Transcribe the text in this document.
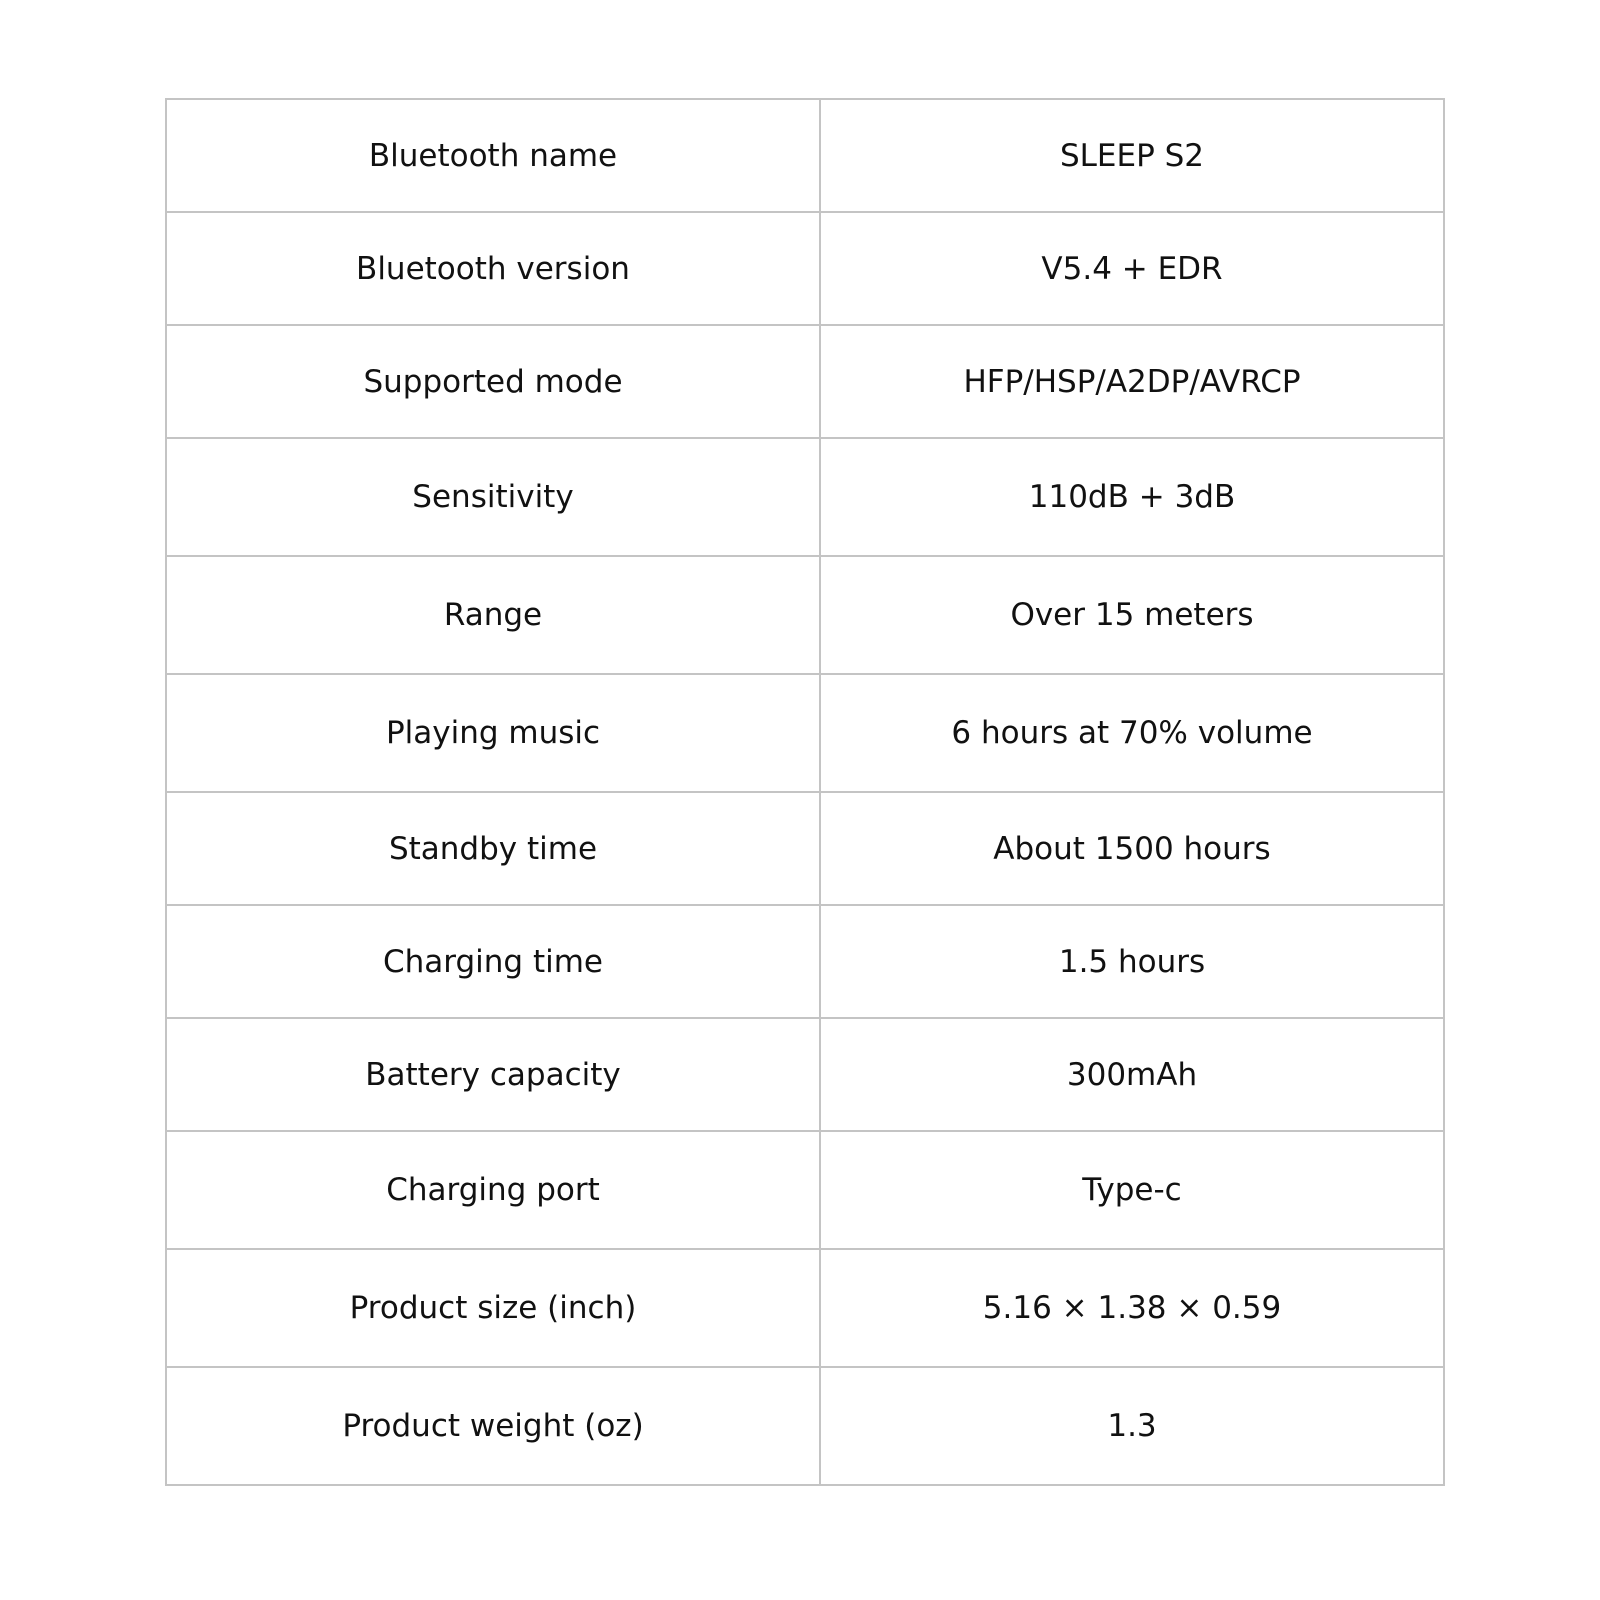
Bluetooth name	SLEEP S2
Bluetooth version	V5.4 + EDR
Supported mode	HFP/HSP/A2DP/AVRCP
Sensitivity	110dB + 3dB
Range	Over 15 meters
Playing music	6 hours at 70% volume
Standby time	About 1500 hours
Charging time	1.5 hours
Battery capacity	300mAh
Charging port	Type-c
Product size (inch)	5.16 × 1.38 × 0.59
Product weight (oz)	1.3
